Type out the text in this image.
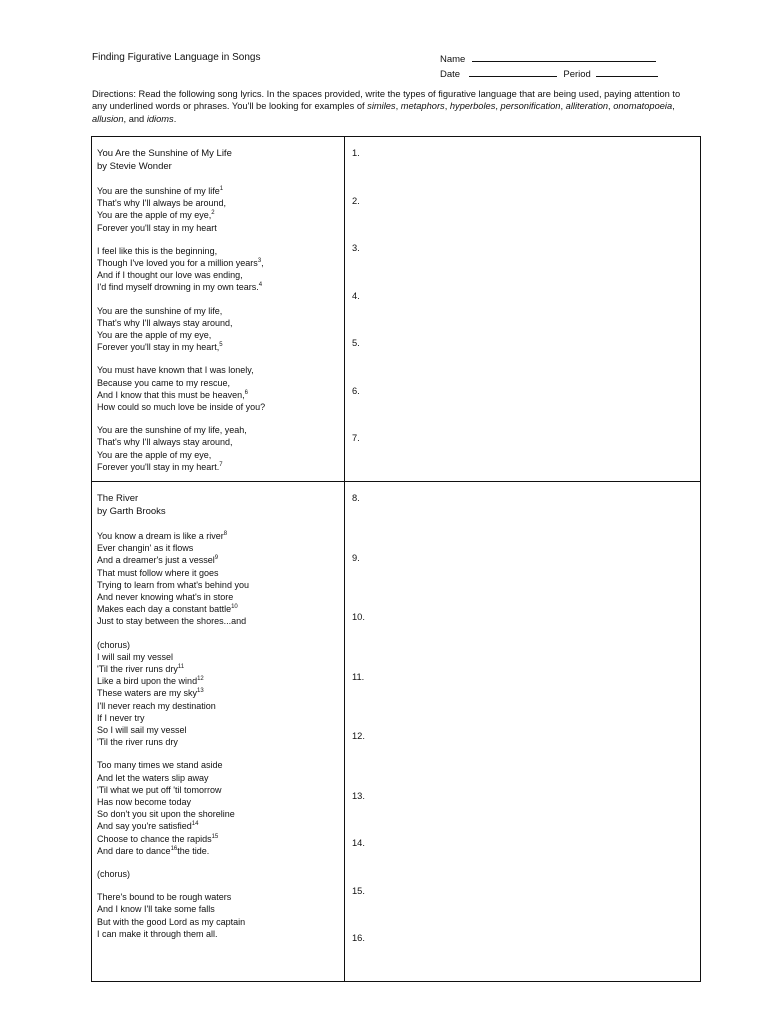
Finding Figurative Language in Songs	Name
Date	Period
Directions: Read the following song lyrics. In the spaces provided, write the types of figurative language that are being used, paying attention to any underlined words or phrases. You'll be looking for examples of similes, metaphors, hyperboles, personification, alliteration, onomatopoeia, allusion, and idioms.
You Are the Sunshine of My Life
by Stevie Wonder
You are the sunshine of my life$^1$
That's why I'll always be around,
You are the apple of my eye,$^2$
Forever you'll stay in my heart
I feel like this is the beginning,
Though I've loved you for a million years$^3$,
And if I thought our love was ending,
I'd find myself drowning in my own tears.$^4$
You are the sunshine of my life,
That's why I'll always stay around,
You are the apple of my eye,
Forever you'll stay in my heart,$^5$
You must have known that I was lonely,
Because you came to my rescue,
And I know that this must be heaven,$^6$
How could so much love be inside of you?
You are the sunshine of my life, yeah,
That's why I'll always stay around,
You are the apple of my eye,
Forever you'll stay in my heart.$^7$
The River
by Garth Brooks
You know a dream is like a river$^8$
Ever changin' as it flows
And a dreamer's just a vessel$^9$
That must follow where it goes
Trying to learn from what's behind you
And never knowing what's in store
Makes each day a constant battle$^{10}$
Just to stay between the shores...and
(chorus)
I will sail my vessel
'Til the river runs dry$^{11}$
Like a bird upon the wind$^{12}$
These waters are my sky$^{13}$
I'll never reach my destination
If I never try
So I will sail my vessel
'Til the river runs dry
Too many times we stand aside
And let the waters slip away
'Til what we put off 'til tomorrow
Has now become today
So don't you sit upon the shoreline
And say you're satisfied$^{14}$
Choose to chance the rapids$^{15}$
And dare to dance$^{16}$the tide.
(chorus)
There's bound to be rough waters
And I know I'll take some falls
But with the good Lord as my captain
I can make it through them all.
1.
2.
3.
4.
5.
6.
7.
8.
9.
10.
11.
12.
13.
14.
15.
16.
